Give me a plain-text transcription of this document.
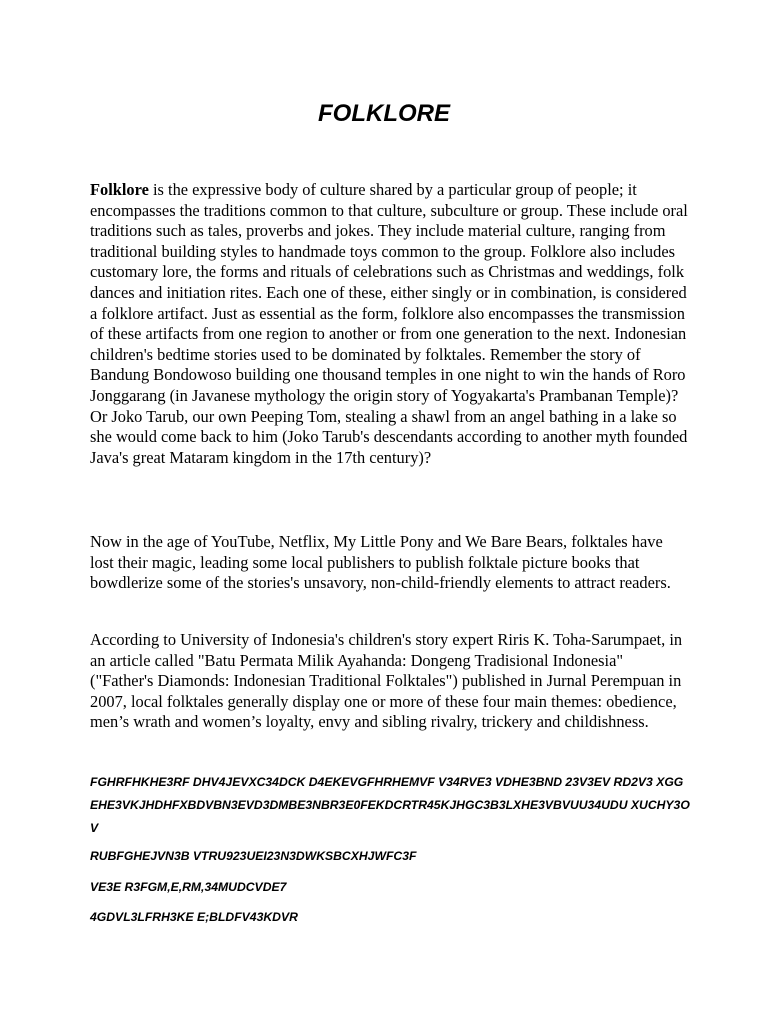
FOLKLORE

Folklore is the expressive body of culture shared by a particular group of people; it encompasses the traditions common to that culture, subculture or group. These include oral traditions such as tales, proverbs and jokes. They include material culture, ranging from traditional building styles to handmade toys common to the group. Folklore also includes customary lore, the forms and rituals of celebrations such as Christmas and weddings, folk dances and initiation rites. Each one of these, either singly or in combination, is considered a folklore artifact. Just as essential as the form, folklore also encompasses the transmission of these artifacts from one region to another or from one generation to the next. Indonesian children's bedtime stories used to be dominated by folktales. Remember the story of Bandung Bondowoso building one thousand temples in one night to win the hands of Roro Jonggarang (in Javanese mythology the origin story of Yogyakarta's Prambanan Temple)? Or Joko Tarub, our own Peeping Tom, stealing a shawl from an angel bathing in a lake so she would come back to him (Joko Tarub's descendants according to another myth founded Java's great Mataram kingdom in the 17th century)?

Now in the age of YouTube, Netflix, My Little Pony and We Bare Bears, folktales have lost their magic, leading some local publishers to publish folktale picture books that bowdlerize some of the stories's unsavory, non-child-friendly elements to attract readers.

According to University of Indonesia's children's story expert Riris K. Toha-Sarumpaet, in an article called "Batu Permata Milik Ayahanda: Dongeng Tradisional Indonesia" ("Father's Diamonds: Indonesian Traditional Folktales") published in Jurnal Perempuan in 2007, local folktales generally display one or more of these four main themes: obedience, men’s wrath and women’s loyalty, envy and sibling rivalry, trickery and childishness.

FGHRFHKHE3RF DHV4JEVXC34DCK D4EKEVGFHRHEMVF V34RVE3 VDHE3BND 23V3EV RD2V3 XGGEHE3VKJHDHFXBDVBN3EVD3DMBE3NBR3E0FEKDCRTR45KJHGC3B3LXHE3VBVUU34UDU XUCHY3OV

RUBFGHEJVN3B VTRU923UEI23N3DWKSBCXHJWFC3F

VE3E R3FGM,E,RM,34MUDCVDE7

4GDVL3LFRH3KE E;BLDFV43KDVR
